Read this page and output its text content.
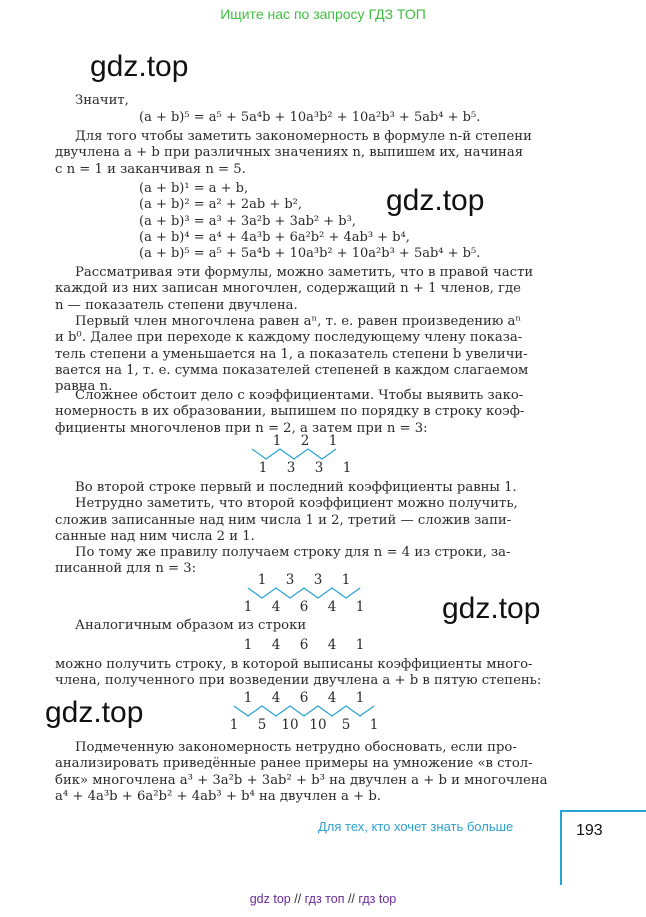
Ищите нас по запросу ГДЗ ТОП
gdz.top
gdz.top
gdz.top
gdz.top
Значит,
(a + b)⁵ = a⁵ + 5a⁴b + 10a³b² + 10a²b³ + 5ab⁴ + b⁵.
Для того чтобы заметить закономерность в формуле n-й степени
двучлена a + b при различных значениях n, выпишем их, начиная
с n = 1 и заканчивая n = 5.
(a + b)¹ = a + b,
(a + b)² = a² + 2ab + b²,
(a + b)³ = a³ + 3a²b + 3ab² + b³,
(a + b)⁴ = a⁴ + 4a³b + 6a²b² + 4ab³ + b⁴,
(a + b)⁵ = a⁵ + 5a⁴b + 10a³b² + 10a²b³ + 5ab⁴ + b⁵.
Рассматривая эти формулы, можно заметить, что в правой части
каждой из них записан многочлен, содержащий n + 1 членов, где
n — показатель степени двучлена.
Первый член многочлена равен aⁿ, т. е. равен произведению aⁿ
и b⁰. Далее при переходе к каждому последующему члену показа-
тель степени a уменьшается на 1, а показатель степени b увеличи-
вается на 1, т. е. сумма показателей степеней в каждом слагаемом
равна n.
Сложнее обстоит дело с коэффициентами. Чтобы выявить зако-
номерность в их образовании, выпишем по порядку в строку коэф-
фициенты многочленов при n = 2, а затем при n = 3:
1 2 1
1 3 3 1
Во второй строке первый и последний коэффициенты равны 1.
Нетрудно заметить, что второй коэффициент можно получить,
сложив записанные над ним числа 1 и 2, третий — сложив запи-
санные над ним числа 2 и 1.
По тому же правилу получаем строку для n = 4 из строки, за-
писанной для n = 3:
1 3 3 1
1 4 6 4 1
Аналогичным образом из строки
1 4 6 4 1
можно получить строку, в которой выписаны коэффициенты много-
члена, полученного при возведении двучлена a + b в пятую степень:
1 4 6 4 1
1 5 10 10 5 1
Подмеченную закономерность нетрудно обосновать, если про-
анализировать приведённые ранее примеры на умножение «в стол-
бик» многочлена a³ + 3a²b + 3ab² + b³ на двучлен a + b и многочлена
a⁴ + 4a³b + 6a²b² + 4ab³ + b⁴ на двучлен a + b.
Для тех, кто хочет знать больше	193
gdz top // гдз топ // гдз top
